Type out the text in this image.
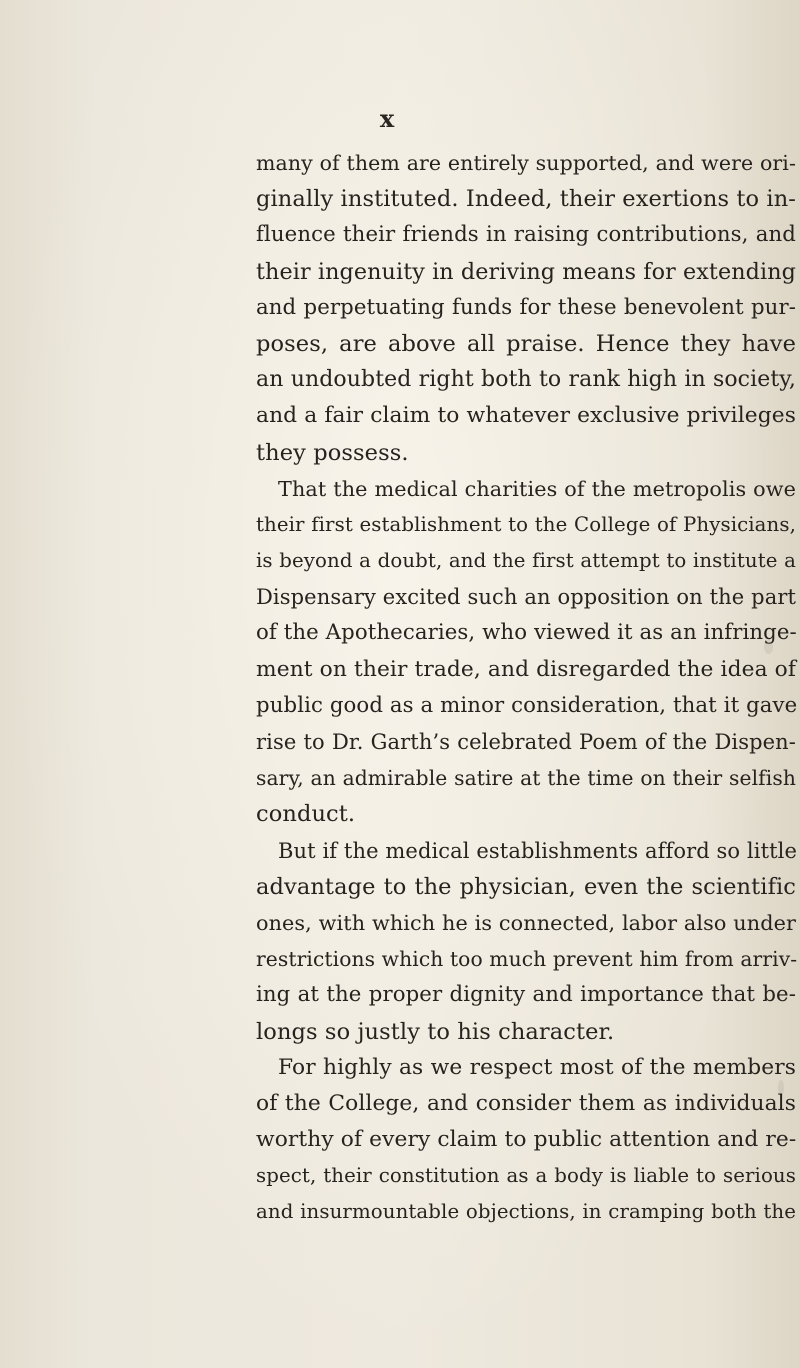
x
many of them are entirely supported, and were ori-
ginally instituted. Indeed, their exertions to in-
fluence their friends in raising contributions, and
their ingenuity in deriving means for extending
and perpetuating funds for these benevolent pur-
poses, are above all praise. Hence they have
an undoubted right both to rank high in society,
and a fair claim to whatever exclusive privileges
they possess.
That the medical charities of the metropolis owe
their first establishment to the College of Physicians,
is beyond a doubt, and the first attempt to institute a
Dispensary excited such an opposition on the part
of the Apothecaries, who viewed it as an infringe-
ment on their trade, and disregarded the idea of
public good as a minor consideration, that it gave
rise to Dr. Garth’s celebrated Poem of the Dispen-
sary, an admirable satire at the time on their selfish
conduct.
But if the medical establishments afford so little
advantage to the physician, even the scientific
ones, with which he is connected, labor also under
restrictions which too much prevent him from arriv-
ing at the proper dignity and importance that be-
longs so justly to his character.
For highly as we respect most of the members
of the College, and consider them as individuals
worthy of every claim to public attention and re-
spect, their constitution as a body is liable to serious
and insurmountable objections, in cramping both the
